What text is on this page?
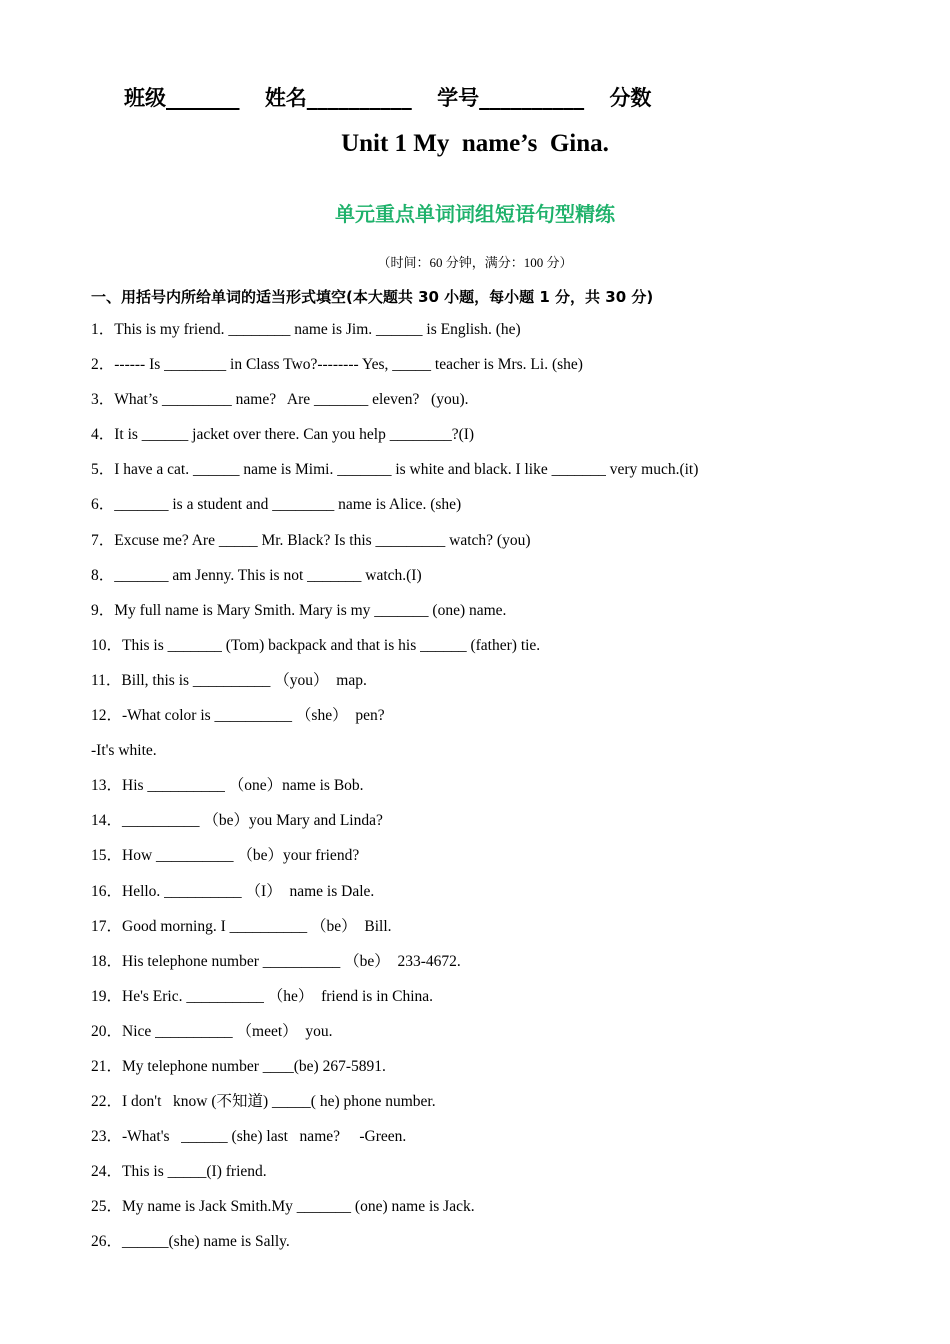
班级_______ 姓名__________ 学号__________ 分数
Unit 1 My  name’s  Gina.
单元重点单词词组短语句型精练
（时间：60 分钟，满分：100 分）
一、用括号内所给单词的适当形式填空(本大题共 30 小题，每小题 1 分，共 30 分)
1．This is my friend. ________ name is Jim. ______ is English. (he)
2．------ Is ________ in Class Two?-------- Yes, _____ teacher is Mrs. Li. (she)
3．What’s _________ name?   Are _______ eleven?   (you).
4．It is ______ jacket over there. Can you help ________?(I)
5．I have a cat. ______ name is Mimi. _______ is white and black. I like _______ very much.(it)
6．_______ is a student and ________ name is Alice. (she)
7．Excuse me? Are _____ Mr. Black? Is this _________ watch? (you)
8．_______ am Jenny. This is not _______ watch.(I)
9．My full name is Mary Smith. Mary is my _______ (one) name.
10．This is _______ (Tom) backpack and that is his ______ (father) tie.
11．Bill, this is __________ （you）  map.
12．-What color is __________ （she）  pen?
-It's white.
13．His __________ （one）name is Bob.
14．__________ （be）you Mary and Linda?
15．How __________ （be）your friend?
16．Hello. __________ （I）  name is Dale.
17．Good morning. I __________ （be）  Bill.
18．His telephone number __________ （be）  233-4672.
19．He's Eric. __________ （he）  friend is in China.
20．Nice __________ （meet）  you.
21．My telephone number ____(be) 267-5891.
22．I don't   know (不知道) _____( he) phone number.
23．-What's   ______ (she) last   name?     -Green.
24．This is _____(I) friend.
25．My name is Jack Smith.My _______ (one) name is Jack.
26．______(she) name is Sally.
